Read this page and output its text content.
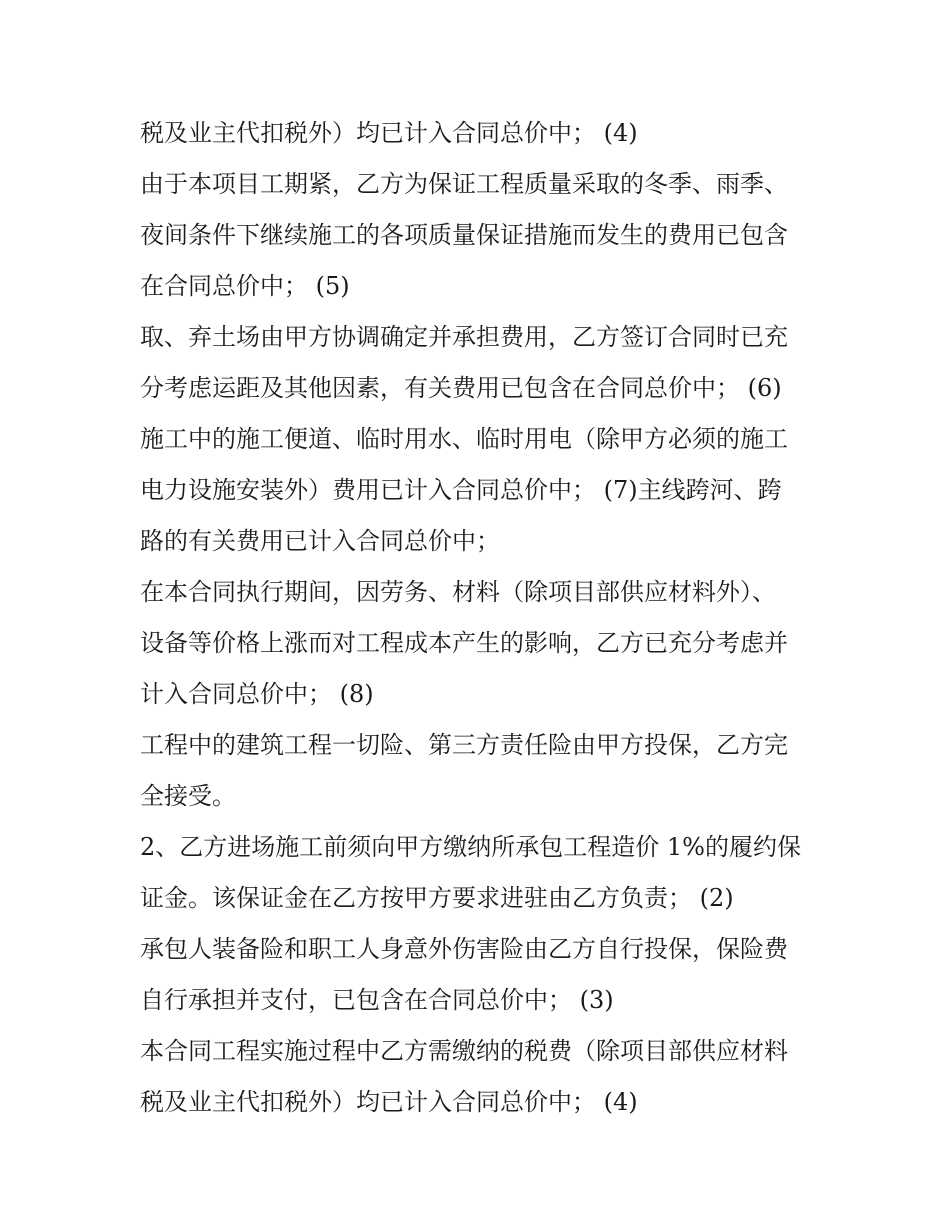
税及业主代扣税外）均已计入合同总价中； (4)
由于本项目工期紧，乙方为保证工程质量采取的冬季、雨季、
夜间条件下继续施工的各项质量保证措施而发生的费用已包含
在合同总价中； (5)
取、弃土场由甲方协调确定并承担费用，乙方签订合同时已充
分考虑运距及其他因素，有关费用已包含在合同总价中； (6)
施工中的施工便道、临时用水、临时用电（除甲方必须的施工
电力设施安装外）费用已计入合同总价中； (7)主线跨河、跨
路的有关费用已计入合同总价中；
在本合同执行期间，因劳务、材料（除项目部供应材料外）、
设备等价格上涨而对工程成本产生的影响，乙方已充分考虑并
计入合同总价中； (8)
工程中的建筑工程一切险、第三方责任险由甲方投保，乙方完
全接受。
2、乙方进场施工前须向甲方缴纳所承包工程造价 1%的履约保
证金。该保证金在乙方按甲方要求进驻由乙方负责； (2)
承包人装备险和职工人身意外伤害险由乙方自行投保，保险费
自行承担并支付，已包含在合同总价中； (3)
本合同工程实施过程中乙方需缴纳的税费（除项目部供应材料
税及业主代扣税外）均已计入合同总价中； (4)
